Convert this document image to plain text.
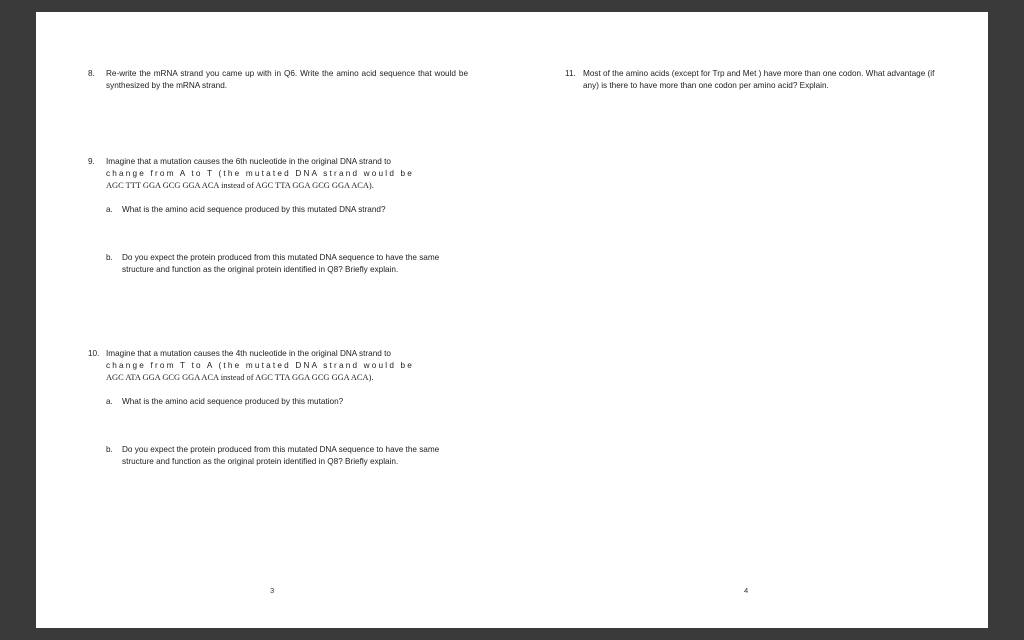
8. Re-write the mRNA strand you came up with in Q6. Write the amino acid sequence that would be synthesized by the mRNA strand.

9. Imagine that a mutation causes the 6th nucleotide in the original DNA strand to

change from A to T (the mutated DNA strand would be

AGC TTT GGA GCG GGA ACA instead of AGC TTA GGA GCG GGA ACA).

a. What is the amino acid sequence produced by this mutated DNA strand?

b. Do you expect the protein produced from this mutated DNA sequence to have the same structure and function as the original protein identified in Q8? Briefly explain.

10. Imagine that a mutation causes the 4th nucleotide in the original DNA strand to

change from T to A (the mutated DNA strand would be

AGC ATA GGA GCG GGA ACA instead of AGC TTA GGA GCG GGA ACA).

a. What is the amino acid sequence produced by this mutation?

b. Do you expect the protein produced from this mutated DNA sequence to have the same structure and function as the original protein identified in Q8? Briefly explain.

11. Most of the amino acids (except for Trp and Met ) have more than one codon. What advantage (if any) is there to have more than one codon per amino acid? Explain.

3	4
